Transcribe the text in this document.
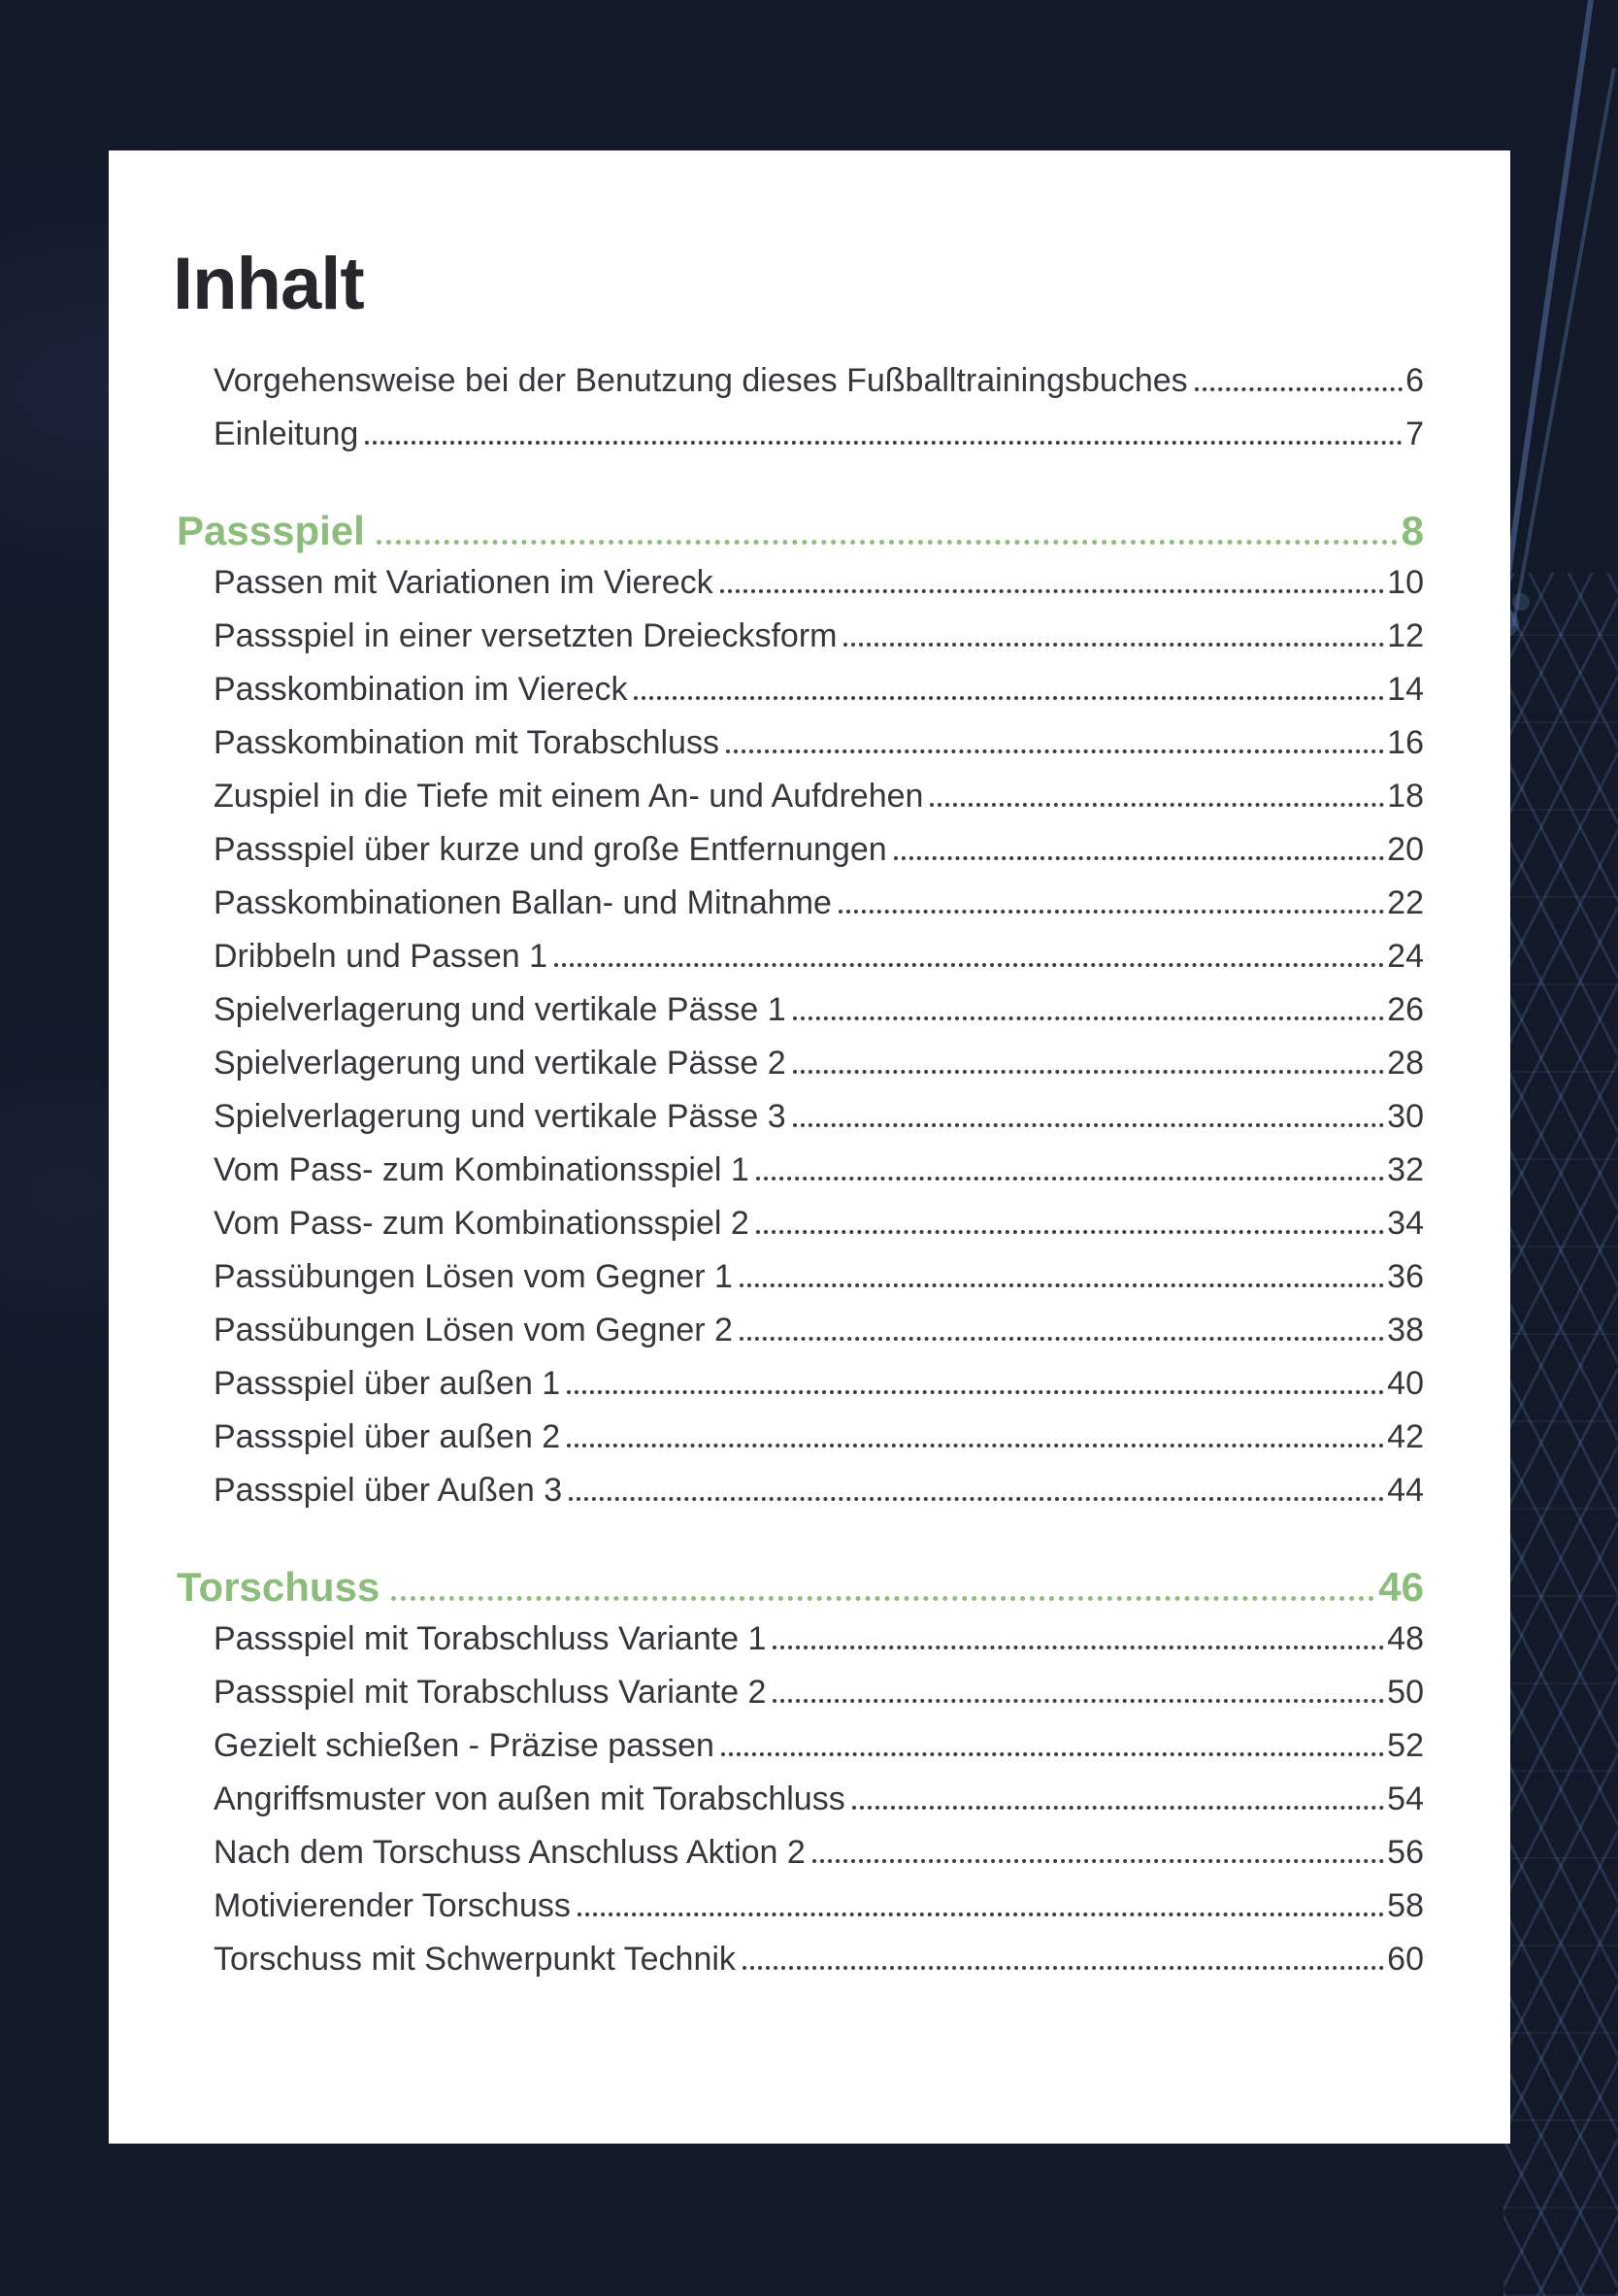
Inhalt
Vorgehensweise bei der Benutzung dieses Fußballtrainingsbuches	6
Einleitung	7
Passspiel	8
Passen mit Variationen im Viereck	10
Passspiel in einer versetzten Dreiecksform	12
Passkombination im Viereck	14
Passkombination mit Torabschluss	16
Zuspiel in die Tiefe mit einem An- und Aufdrehen	18
Passspiel über kurze und große Entfernungen	20
Passkombinationen Ballan- und Mitnahme	22
Dribbeln und Passen 1	24
Spielverlagerung und vertikale Pässe 1	26
Spielverlagerung und vertikale Pässe 2	28
Spielverlagerung und vertikale Pässe 3	30
Vom Pass- zum Kombinationsspiel 1	32
Vom Pass- zum Kombinationsspiel 2	34
Passübungen Lösen vom Gegner 1	36
Passübungen Lösen vom Gegner 2	38
Passspiel über außen 1	40
Passspiel über außen 2	42
Passspiel über Außen 3	44
Torschuss	46
Passspiel mit Torabschluss Variante 1	48
Passspiel mit Torabschluss Variante 2	50
Gezielt schießen - Präzise passen	52
Angriffsmuster von außen mit Torabschluss	54
Nach dem Torschuss Anschluss Aktion 2	56
Motivierender Torschuss	58
Torschuss mit Schwerpunkt Technik	60
